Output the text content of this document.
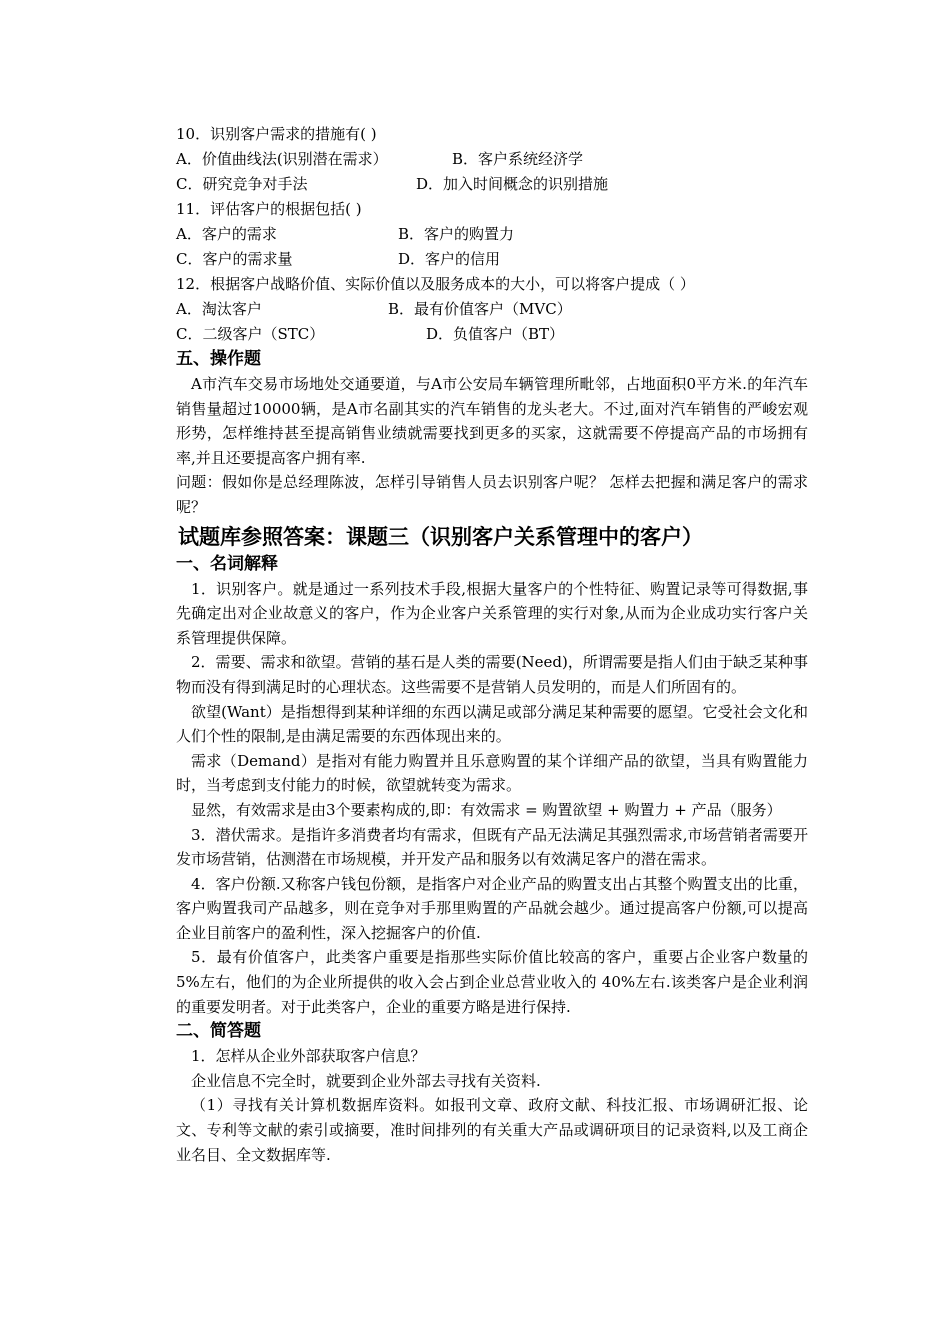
10．识别客户需求的措施有( )
A．价值曲线法(识别潜在需求）	B．客户系统经济学
C．研究竞争对手法	D．加入时间概念的识别措施
11．评估客户的根据包括( )
A．客户的需求	B．客户的购置力
C．客户的需求量	D．客户的信用
12．根据客户战略价值、实际价值以及服务成本的大小，可以将客户提成（ ）
A．淘汰客户	B．最有价值客户（MVC）
C．二级客户（STC）	D．负值客户（BT）
五、操作题
A市汽车交易市场地处交通要道，与A市公安局车辆管理所毗邻，占地面积0平方米.的年汽车销售量超过10000辆，是A市名副其实的汽车销售的龙头老大。不过,面对汽车销售的严峻宏观形势，怎样维持甚至提高销售业绩就需要找到更多的买家，这就需要不停提高产品的市场拥有率,并且还要提高客户拥有率.
问题：假如你是总经理陈波，怎样引导销售人员去识别客户呢？ 怎样去把握和满足客户的需求呢？
试题库参照答案：课题三（识别客户关系管理中的客户）
一、名词解释
1．识别客户。就是通过一系列技术手段,根据大量客户的个性特征、购置记录等可得数据,事先确定出对企业故意义的客户，作为企业客户关系管理的实行对象,从而为企业成功实行客户关系管理提供保障。
2．需要、需求和欲望。营销的基石是人类的需要(Need)，所谓需要是指人们由于缺乏某种事物而没有得到满足时的心理状态。这些需要不是营销人员发明的，而是人们所固有的。
欲望(Want）是指想得到某种详细的东西以满足或部分满足某种需要的愿望。它受社会文化和人们个性的限制,是由满足需要的东西体现出来的。
需求（Demand）是指对有能力购置并且乐意购置的某个详细产品的欲望，当具有购置能力时，当考虑到支付能力的时候，欲望就转变为需求。
显然，有效需求是由3个要素构成的,即：有效需求 = 购置欲望 + 购置力 + 产品（服务）
3．潜伏需求。是指许多消费者均有需求，但既有产品无法满足其强烈需求,市场营销者需要开发市场营销，估测潜在市场规模，并开发产品和服务以有效满足客户的潜在需求。
4．客户份额.又称客户钱包份额，是指客户对企业产品的购置支出占其整个购置支出的比重，客户购置我司产品越多，则在竞争对手那里购置的产品就会越少。通过提高客户份额,可以提高企业目前客户的盈利性，深入挖掘客户的价值.
5．最有价值客户，此类客户重要是指那些实际价值比较高的客户，重要占企业客户数量的5%左右，他们的为企业所提供的收入会占到企业总营业收入的 40%左右.该类客户是企业利润的重要发明者。对于此类客户，企业的重要方略是进行保持.
二、简答题
1．怎样从企业外部获取客户信息？
企业信息不完全时，就要到企业外部去寻找有关资料.
（1）寻找有关计算机数据库资料。如报刊文章、政府文献、科技汇报、市场调研汇报、论文、专利等文献的索引或摘要，准时间排列的有关重大产品或调研项目的记录资料,以及工商企业名目、全文数据库等.
